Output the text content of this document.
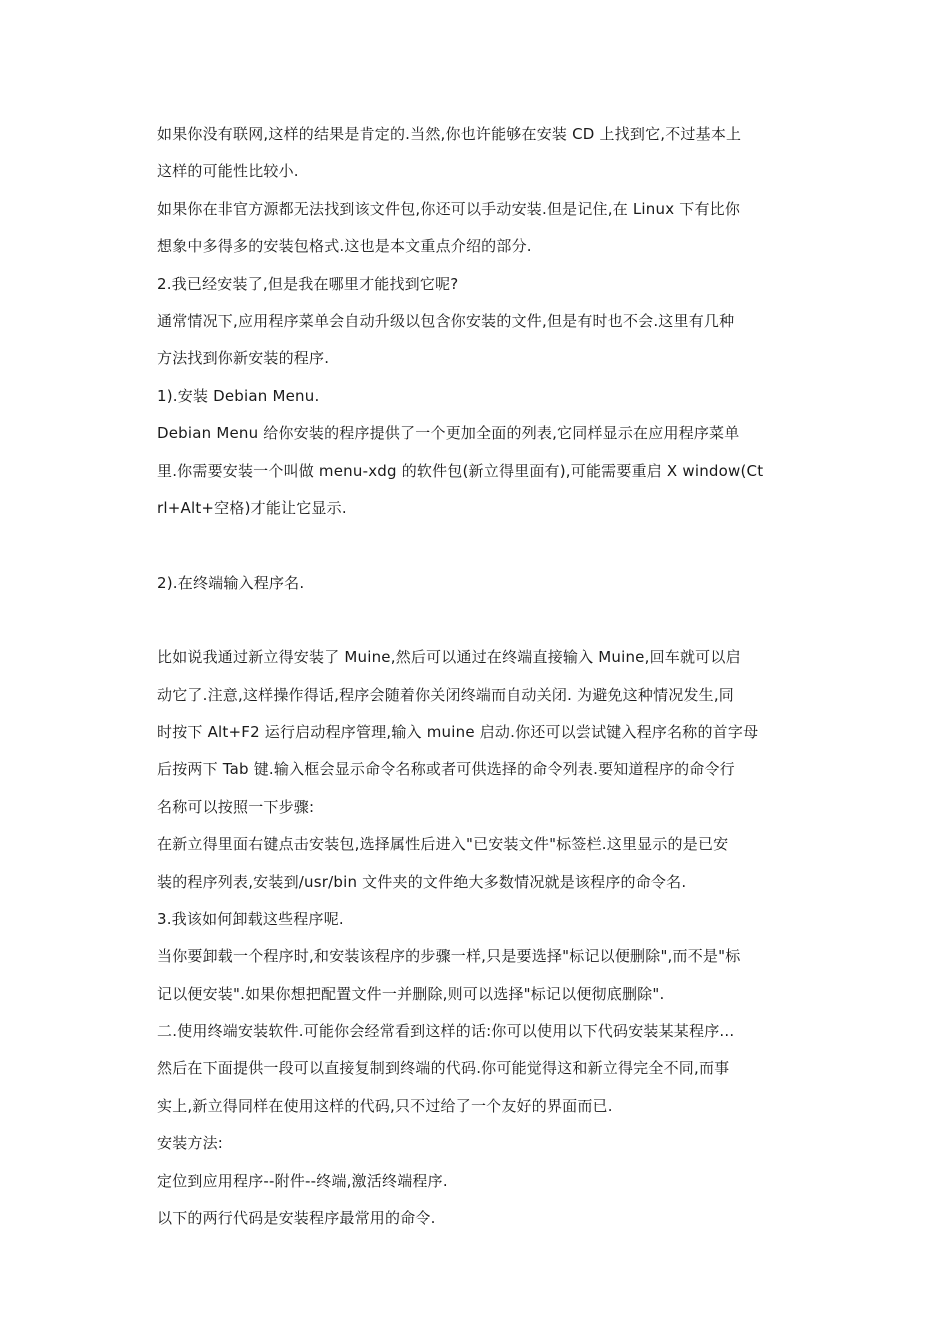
如果你没有联网,这样的结果是肯定的.当然,你也许能够在安装 CD 上找到它,不过基本上
这样的可能性比较小.
如果你在非官方源都无法找到该文件包,你还可以手动安装.但是记住,在 Linux 下有比你
想象中多得多的安装包格式.这也是本文重点介绍的部分.
2.我已经安装了,但是我在哪里才能找到它呢?
通常情况下,应用程序菜单会自动升级以包含你安装的文件,但是有时也不会.这里有几种
方法找到你新安装的程序.
1).安装 Debian Menu.
Debian Menu 给你安装的程序提供了一个更加全面的列表,它同样显示在应用程序菜单
里.你需要安装一个叫做 menu-xdg 的软件包(新立得里面有),可能需要重启 X window(Ct
rl+Alt+空格)才能让它显示.
2).在终端输入程序名.
比如说我通过新立得安装了 Muine,然后可以通过在终端直接输入 Muine,回车就可以启
动它了.注意,这样操作得话,程序会随着你关闭终端而自动关闭. 为避免这种情况发生,同
时按下 Alt+F2 运行启动程序管理,输入 muine 启动.你还可以尝试键入程序名称的首字母
后按两下 Tab 键.输入框会显示命令名称或者可供选择的命令列表.要知道程序的命令行
名称可以按照一下步骤:
在新立得里面右键点击安装包,选择属性后进入"已安装文件"标签栏.这里显示的是已安
装的程序列表,安装到/usr/bin 文件夹的文件绝大多数情况就是该程序的命令名.
3.我该如何卸载这些程序呢.
当你要卸载一个程序时,和安装该程序的步骤一样,只是要选择"标记以便删除",而不是"标
记以便安装".如果你想把配置文件一并删除,则可以选择"标记以便彻底删除".
二.使用终端安装软件.可能你会经常看到这样的话:你可以使用以下代码安装某某程序...
然后在下面提供一段可以直接复制到终端的代码.你可能觉得这和新立得完全不同,而事
实上,新立得同样在使用这样的代码,只不过给了一个友好的界面而已.
安装方法:
定位到应用程序--附件--终端,激活终端程序.
以下的两行代码是安装程序最常用的命令.
